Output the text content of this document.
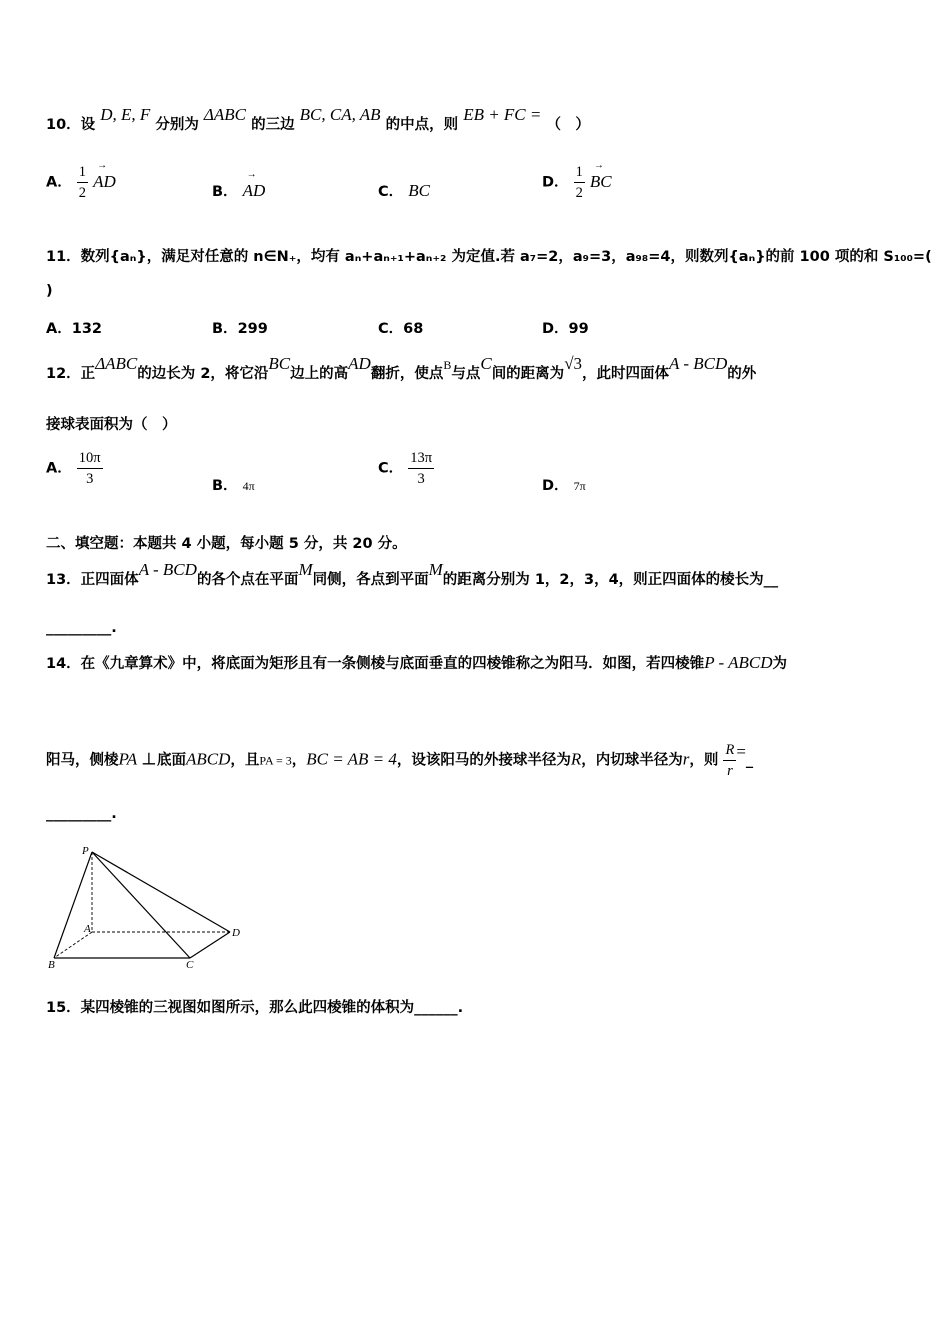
10．设 D, E, F 分别为 ΔABC 的三边 BC, CA, AB 的中点，则 EB + FC = （　）
A． $\frac{1}{2}$ → AD
B． → AD	C． BC	D． $\frac{1}{2}$ → BC
11．数列{aₙ}，满足对任意的 n∈N₊，均有 aₙ+aₙ₊₁+aₙ₊₂ 为定值.若 a₇=2，a₉=3，a₉₈=4，则数列{aₙ}的前 100 项的和 S₁₀₀=(
)
A．132	B．299	C．68	D．99
12．正ΔABC的边长为 2，将它沿BC边上的高AD翻折，使点$^B$与点C间的距离为√3，此时四面体A - BCD的外
接球表面积为（　）
A． $\frac{10\pi}{3}$	B． 4π
C． $\frac{13\pi}{3}$	D． 7π
二、填空题：本题共 4 小题，每小题 5 分，共 20 分。
13．正四面体A - BCD的各个点在平面M同侧，各点到平面M的距离分别为 1，2，3，4，则正四面体的棱长为__
_________.
14．在《九章算术》中，将底面为矩形且有一条侧棱与底面垂直的四棱锥称之为阳马．如图，若四棱锥P - ABCD为
阳马，侧棱PA ⊥底面ABCD，且PA = 3，BC = AB = 4，设该阳马的外接球半径为R，内切球半径为r，则 $\frac{R}{r}$ =_
_________.
P
A
B	C
D
15．某四棱锥的三视图如图所示，那么此四棱锥的体积为______.
